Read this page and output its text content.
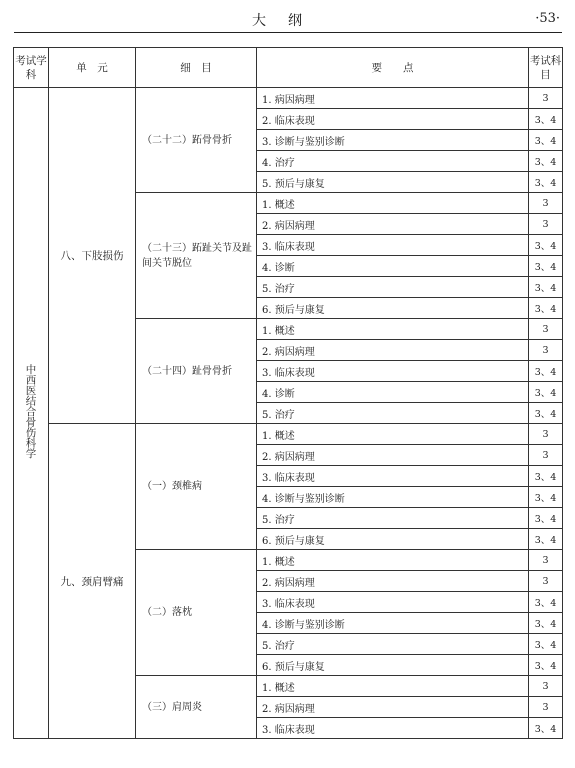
大纲	·53·
考试学科	单　元	细　目	要　　点	考试科目
中西医结合骨伤科学	八、下肢损伤	（二十二）跖骨骨折	1. 病因病理	3
			2. 临床表现	3、4
			3. 诊断与鉴别诊断	3、4
			4. 治疗	3、4
			5. 预后与康复	3、4
		（二十三）跖趾关节及趾间关节脱位	1. 概述	3
			2. 病因病理	3
			3. 临床表现	3、4
			4. 诊断	3、4
			5. 治疗	3、4
			6. 预后与康复	3、4
		（二十四）趾骨骨折	1. 概述	3
			2. 病因病理	3
			3. 临床表现	3、4
			4. 诊断	3、4
			5. 治疗	3、4
	九、颈肩臂痛	（一）颈椎病	1. 概述	3
			2. 病因病理	3
			3. 临床表现	3、4
			4. 诊断与鉴别诊断	3、4
			5. 治疗	3、4
			6. 预后与康复	3、4
		（二）落枕	1. 概述	3
			2. 病因病理	3
			3. 临床表现	3、4
			4. 诊断与鉴别诊断	3、4
			5. 治疗	3、4
			6. 预后与康复	3、4
		（三）肩周炎	1. 概述	3
			2. 病因病理	3
			3. 临床表现	3、4
